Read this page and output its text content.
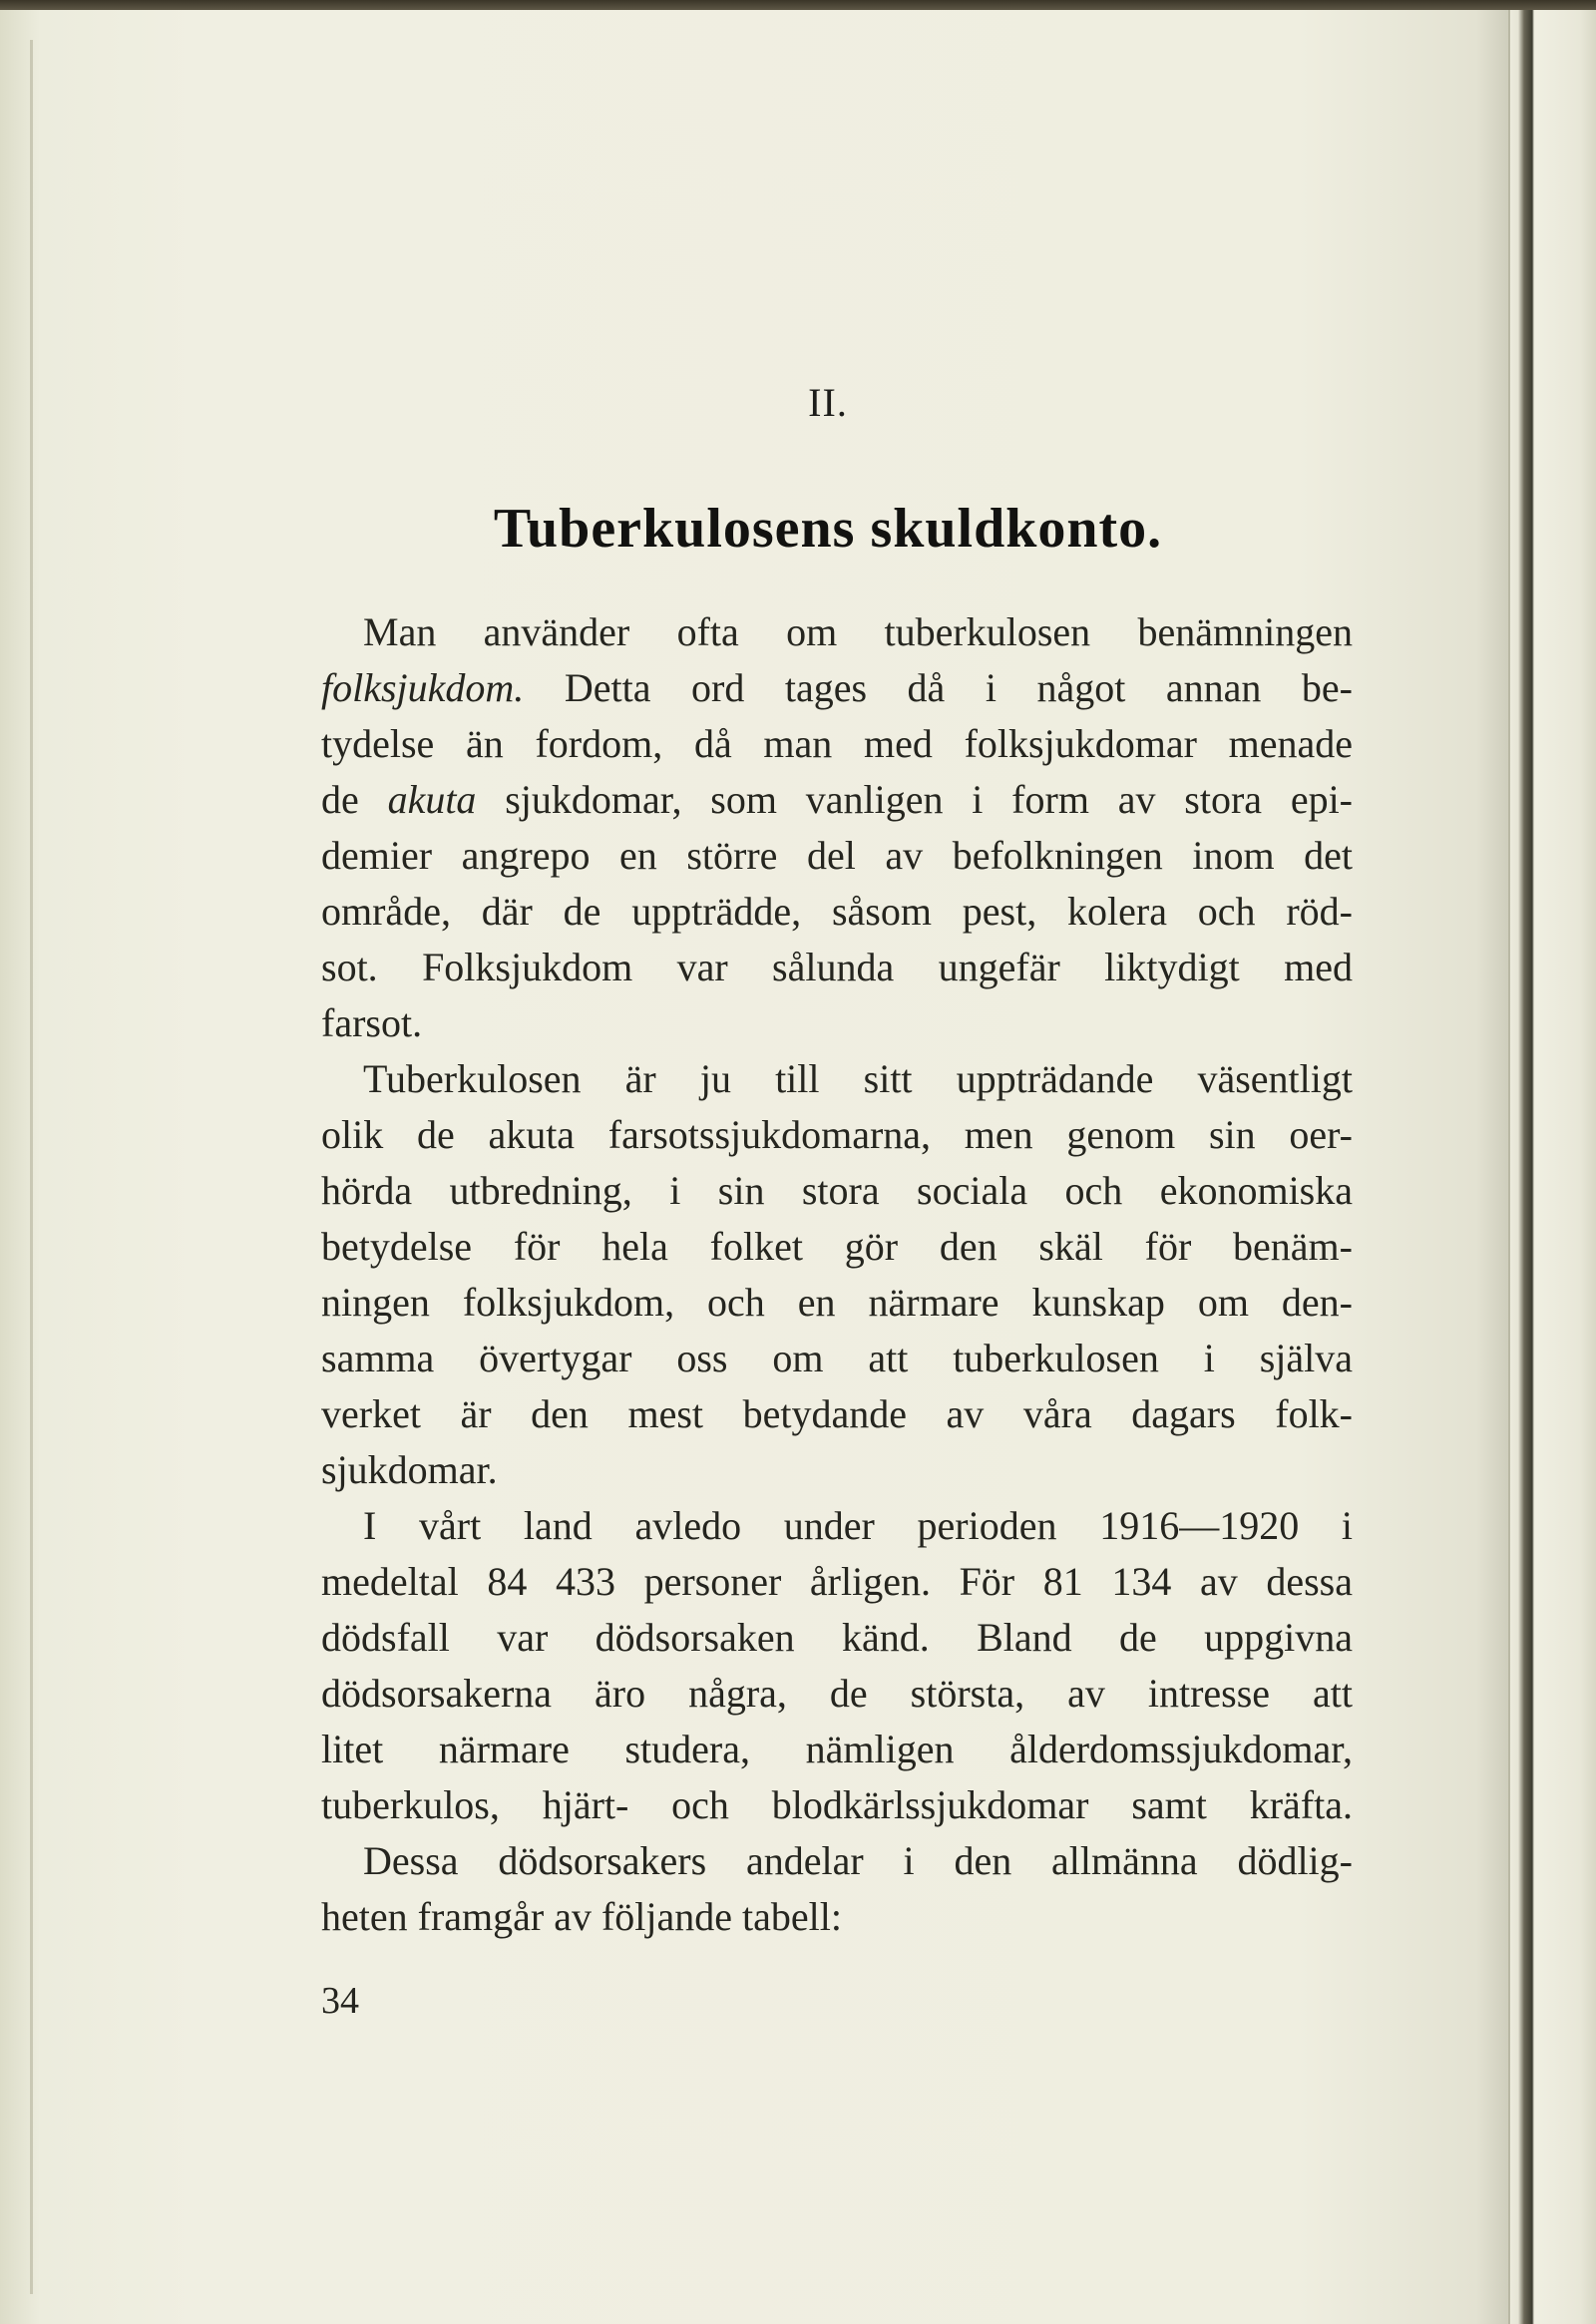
II.
Tuberkulosens skuldkonto.
Man använder ofta om tuberkulosen benämningen
folksjukdom. Detta ord tages då i något annan be-
tydelse än fordom, då man med folksjukdomar menade
de akuta sjukdomar, som vanligen i form av stora epi-
demier angrepo en större del av befolkningen inom det
område, där de uppträdde, såsom pest, kolera och röd-
sot. Folksjukdom var sålunda ungefär liktydigt med
farsot.
Tuberkulosen är ju till sitt uppträdande väsentligt
olik de akuta farsotssjukdomarna, men genom sin oer-
hörda utbredning, i sin stora sociala och ekonomiska
betydelse för hela folket gör den skäl för benäm-
ningen folksjukdom, och en närmare kunskap om den-
samma övertygar oss om att tuberkulosen i själva
verket är den mest betydande av våra dagars folk-
sjukdomar.
I vårt land avledo under perioden 1916—1920 i
medeltal 84 433 personer årligen. För 81 134 av dessa
dödsfall var dödsorsaken känd. Bland de uppgivna
dödsorsakerna äro några, de största, av intresse att
litet närmare studera, nämligen ålderdomssjukdomar,
tuberkulos, hjärt- och blodkärlssjukdomar samt kräfta.
Dessa dödsorsakers andelar i den allmänna dödlig-
heten framgår av följande tabell:
34
